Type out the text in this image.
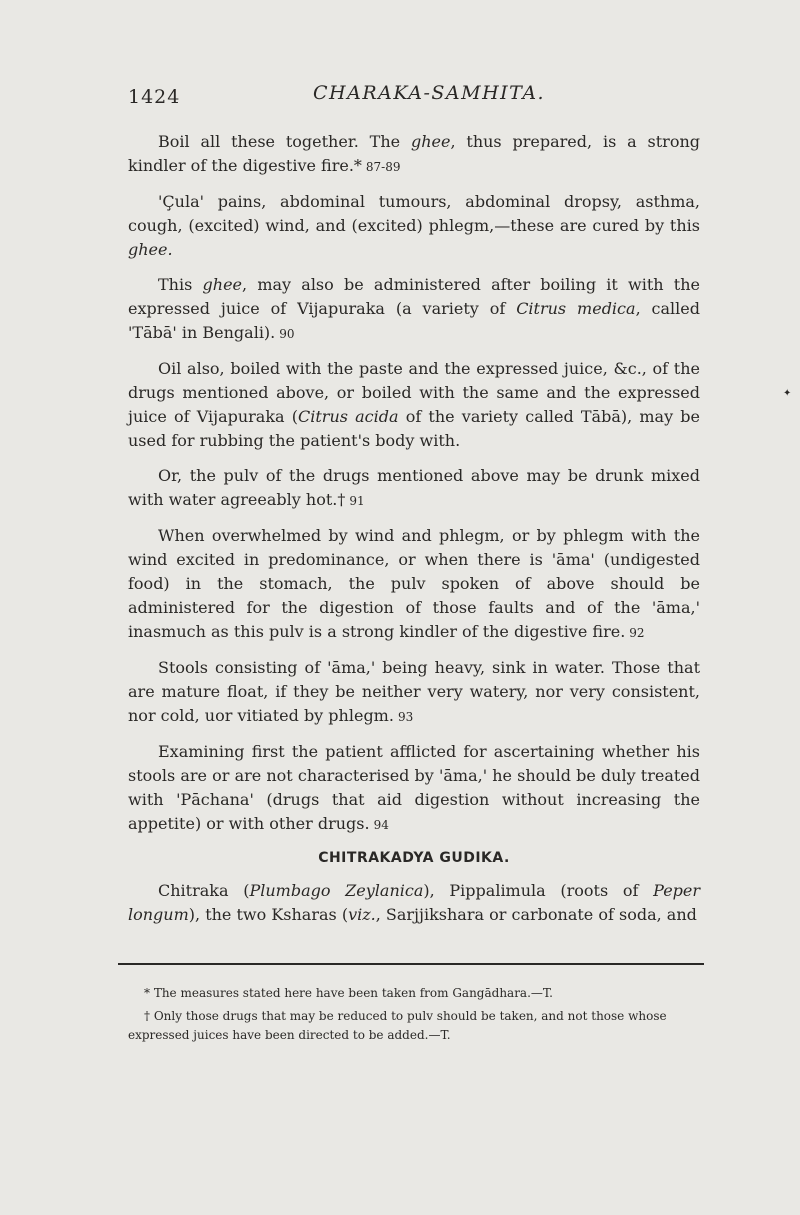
1424	CHARAKA-SAMHITA.

Boil all these together. The ghee, thus prepared, is a strong kindler of the digestive fire.* 87-89

'Çula' pains, abdominal tumours, abdominal dropsy, asthma, cough, (excited) wind, and (excited) phlegm,—these are cured by this ghee.

This ghee, may also be administered after boiling it with the expressed juice of Vijapuraka (a variety of Citrus medica, called 'Tābā' in Bengali). 90

Oil also, boiled with the paste and the expressed juice, &c., of the drugs mentioned above, or boiled with the same and the expressed juice of Vijapuraka (Citrus acida of the variety called Tābā), may be used for rubbing the patient's body with.

Or, the pulv of the drugs mentioned above may be drunk mixed with water agreeably hot.† 91

When overwhelmed by wind and phlegm, or by phlegm with the wind excited in predominance, or when there is 'āma' (undigested food) in the stomach, the pulv spoken of above should be administered for the digestion of those faults and of the 'āma,' inasmuch as this pulv is a strong kindler of the digestive fire. 92

Stools consisting of 'āma,' being heavy, sink in water. Those that are mature float, if they be neither very watery, nor very consistent, nor cold, uor vitiated by phlegm. 93

Examining first the patient afflicted for ascertaining whether his stools are or are not characterised by 'āma,' he should be duly treated with 'Pāchana' (drugs that aid digestion without increasing the appetite) or with other drugs. 94

CHITRAKADYA GUDIKA.

Chitraka (Plumbago Zeylanica), Pippalimula (roots of Peper longum), the two Ksharas (viz., Sarjjikshara or carbonate of soda, and

* The measures stated here have been taken from Gangādhara.—T.

† Only those drugs that may be reduced to pulv should be taken, and not those whose expressed juices have been directed to be added.—T.

✦
